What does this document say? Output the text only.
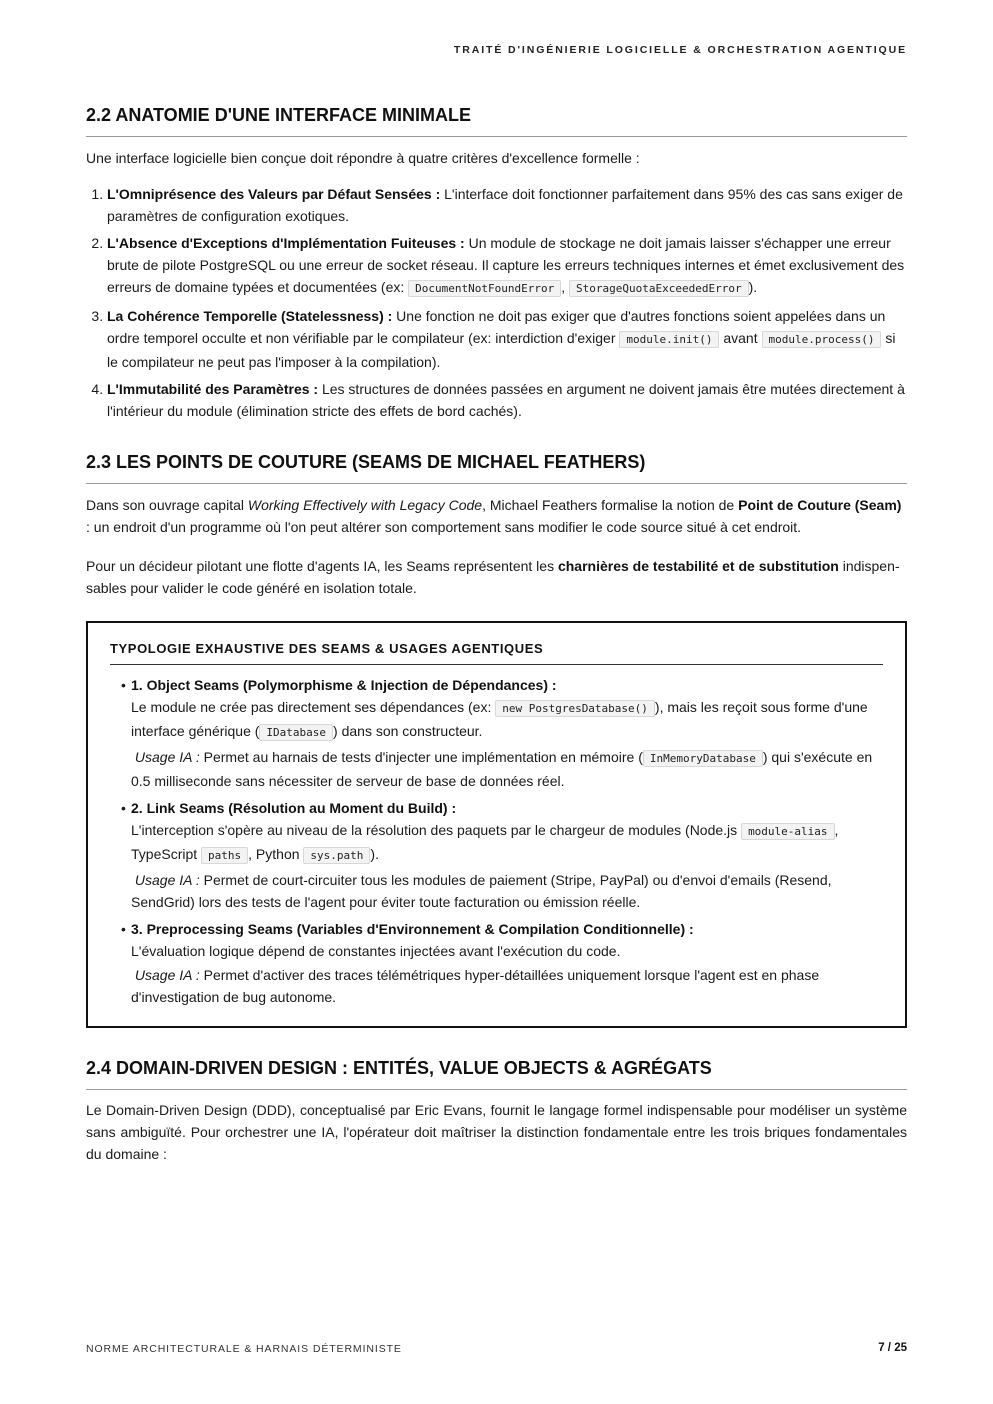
TRAITÉ D'INGÉNIERIE LOGICIELLE & ORCHESTRATION AGENTIQUE
2.2 ANATOMIE D'UNE INTERFACE MINIMALE

Une interface logicielle bien conçue doit répondre à quatre critères d'excellence formelle :

1. L'Omniprésence des Valeurs par Défaut Sensées : L'interface doit fonctionner parfaitement dans 95% des cas sans exiger de paramètres de configuration exotiques.
2. L'Absence d'Exceptions d'Implémentation Fuiteuses : Un module de stockage ne doit jamais laisser s'échapper une erreur brute de pilote PostgreSQL ou une erreur de socket réseau. Il capture les erreurs techniques internes et émet exclusivement des erreurs de domaine typées et documentées (ex: DocumentNotFoundError , StorageQuotaExceededError ).
3. La Cohérence Temporelle (Statelessness) : Une fonction ne doit pas exiger que d'autres fonctions soient appelées dans un ordre temporel occulte et non vérifiable par le compilateur (ex: interdiction d'exiger module.init() avant module.process() si le compilateur ne peut pas l'imposer à la compilation).
4. L'Immutabilité des Paramètres : Les structures de données passées en argument ne doivent jamais être mutées directement à l'intérieur du module (élimination stricte des effets de bord cachés).
2.3 LES POINTS DE COUTURE (SEAMS DE MICHAEL FEATHERS)

Dans son ouvrage capital Working Effectively with Legacy Code, Michael Feathers formalise la notion de Point de Couture (Seam) : un endroit d'un programme où l'on peut altérer son comportement sans modifier le code source situé à cet endroit.

Pour un décideur pilotant une flotte d'agents IA, les Seams représentent les charnières de testabilité et de substitution indispen-sables pour valider le code généré en isolation totale.

TYPOLOGIE EXHAUSTIVE DES SEAMS & USAGES AGENTIQUES
• 1. Object Seams (Polymorphisme & Injection de Dépendances) :
Le module ne crée pas directement ses dépendances (ex: new PostgresDatabase() ), mais les reçoit sous forme d'une interface générique ( IDatabase ) dans son constructeur.
Usage IA : Permet au harnais de tests d'injecter une implémentation en mémoire ( InMemoryDatabase ) qui s'exécute en 0.5 milliseconde sans nécessiter de serveur de base de données réel.
• 2. Link Seams (Résolution au Moment du Build) :
L'interception s'opère au niveau de la résolution des paquets par le chargeur de modules (Node.js module-alias , TypeScript paths , Python sys.path ).
Usage IA : Permet de court-circuiter tous les modules de paiement (Stripe, PayPal) ou d'envoi d'emails (Resend, SendGrid) lors des tests de l'agent pour éviter toute facturation ou émission réelle.
• 3. Preprocessing Seams (Variables d'Environnement & Compilation Conditionnelle) :
L'évaluation logique dépend de constantes injectées avant l'exécution du code.
Usage IA : Permet d'activer des traces télémétriques hyper-détaillées uniquement lorsque l'agent est en phase d'investigation de bug autonome.
2.4 DOMAIN-DRIVEN DESIGN : ENTITÉS, VALUE OBJECTS & AGRÉGATS

Le Domain-Driven Design (DDD), conceptualisé par Eric Evans, fournit le langage formel indispensable pour modéliser un système sans ambiguïté. Pour orchestrer une IA, l'opérateur doit maîtriser la distinction fondamentale entre les trois briques fondamentales du domaine :

NORME ARCHITECTURALE & HARNAIS DÉTERMINISTE	7 / 25
